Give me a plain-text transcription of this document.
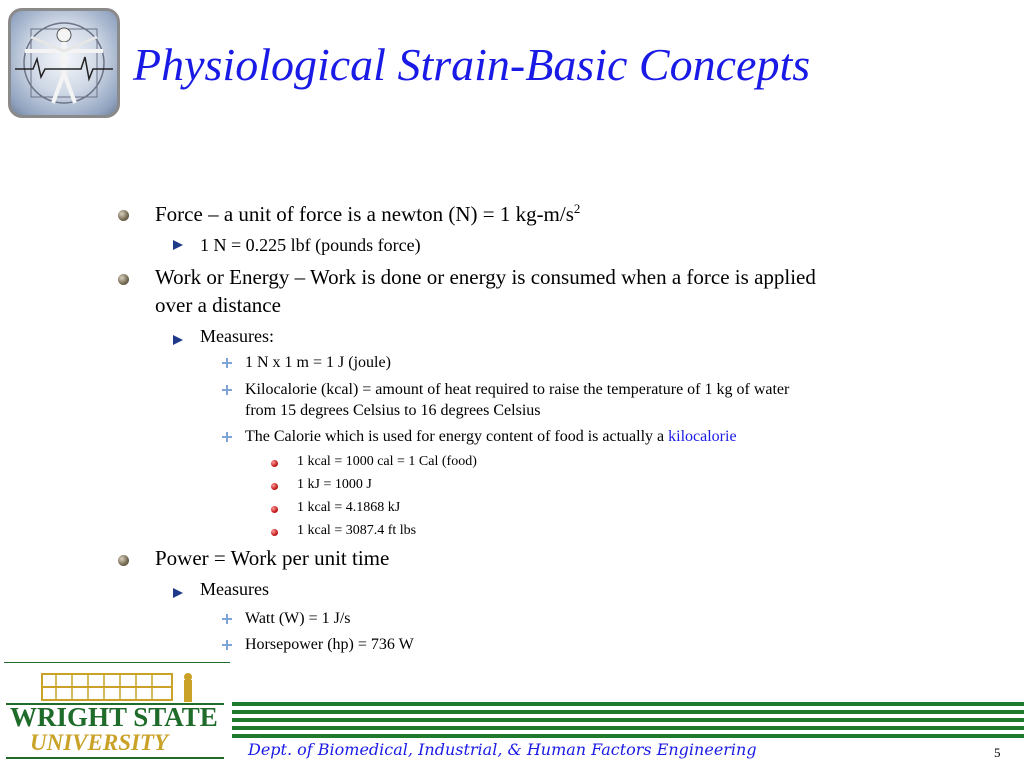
Physiological Strain-Basic Concepts
Force – a unit of force is a newton (N) = 1 $kg-m/s^2$
1 N = 0.225 lbf (pounds force)
Work or Energy – Work is done or energy is consumed when a force is applied
over a distance
Measures:
1 N x 1 m = 1 J (joule)
Kilocalorie (kcal) = amount of heat required to raise the temperature of 1 kg of water
from 15 degrees Celsius to 16 degrees Celsius
The Calorie which is used for energy content of food is actually a kilocalorie
1 kcal = 1000 cal = 1 Cal (food)
1 kJ = 1000 J
1 kcal = 4.1868 kJ
1 kcal = 3087.4 ft lbs
Power = Work per unit time
Measures
Watt (W) = 1 J/s
Horsepower (hp) = 736 W
WRIGHT STATE
UNIVERSITY	Dept. of Biomedical, Industrial, & Human Factors Engineering	5
